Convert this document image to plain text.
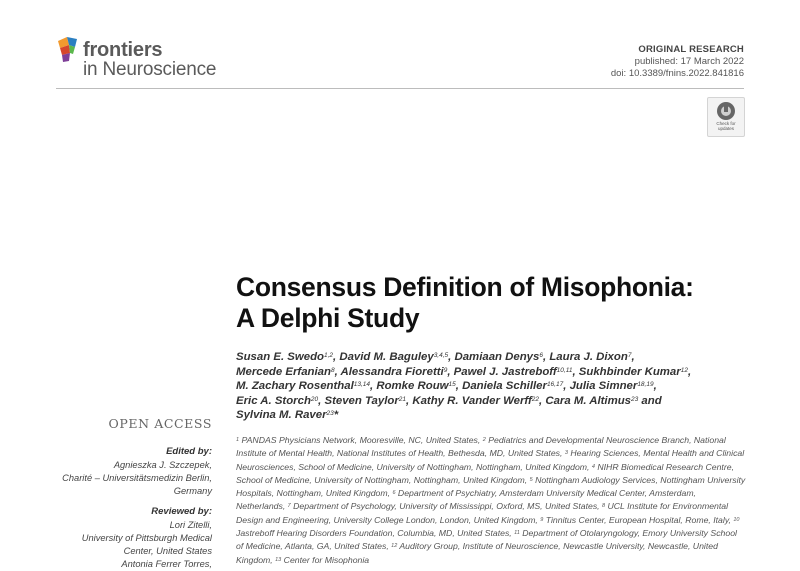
frontiers
in Neuroscience
ORIGINAL RESEARCH
published: 17 March 2022
doi: 10.3389/fnins.2022.841816
Check for
updates
Consensus Definition of Misophonia:
A Delphi Study
Susan E. Swedo$^{1,2}$, David M. Baguley$^{3,4,5}$, Damiaan Denys$^6$, Laura J. Dixon$^7$,
Mercede Erfanian$^8$, Alessandra Fioretti$^9$, Pawel J. Jastreboff$^{10,11}$, Sukhbinder Kumar$^{12}$,
M. Zachary Rosenthal$^{13,14}$, Romke Rouw$^{15}$, Daniela Schiller$^{16,17}$, Julia Simner$^{18,19}$,
Eric A. Storch$^{20}$, Steven Taylor$^{21}$, Kathy R. Vander Werff$^{22}$, Cara M. Altimus$^{23}$ and
Sylvina M. Raver$^{23}$*
$^1$ PANDAS Physicians Network, Mooresville, NC, United States, $^2$ Pediatrics and Developmental Neuroscience Branch, National Institute of Mental Health, National Institutes of Health, Bethesda, MD, United States, $^3$ Hearing Sciences, Mental Health and Clinical Neurosciences, School of Medicine, University of Nottingham, Nottingham, United Kingdom, $^4$ NIHR Biomedical Research Centre, School of Medicine, University of Nottingham, Nottingham, United Kingdom, $^5$ Nottingham Audiology Services, Nottingham University Hospitals, Nottingham, United Kingdom, $^6$ Department of Psychiatry, Amsterdam University Medical Center, Amsterdam, Netherlands, $^7$ Department of Psychology, University of Mississippi, Oxford, MS, United States, $^8$ UCL Institute for Environmental Design and Engineering, University College London, London, United Kingdom, $^9$ Tinnitus Center, European Hospital, Rome, Italy, $^{10}$ Jastreboff Hearing Disorders Foundation, Columbia, MD, United States, $^{11}$ Department of Otolaryngology, Emory University School of Medicine, Atlanta, GA, United States, $^{12}$ Auditory Group, Institute of Neuroscience, Newcastle University, Newcastle, United Kingdom, $^{13}$ Center for Misophonia
OPEN ACCESS
Edited by:
Agnieszka J. Szczepek,
Charité – Universitätsmedizin Berlin,
Germany
Reviewed by:
Lori Zitelli,
University of Pittsburgh Medical
Center, United States
Antonia Ferrer Torres,
